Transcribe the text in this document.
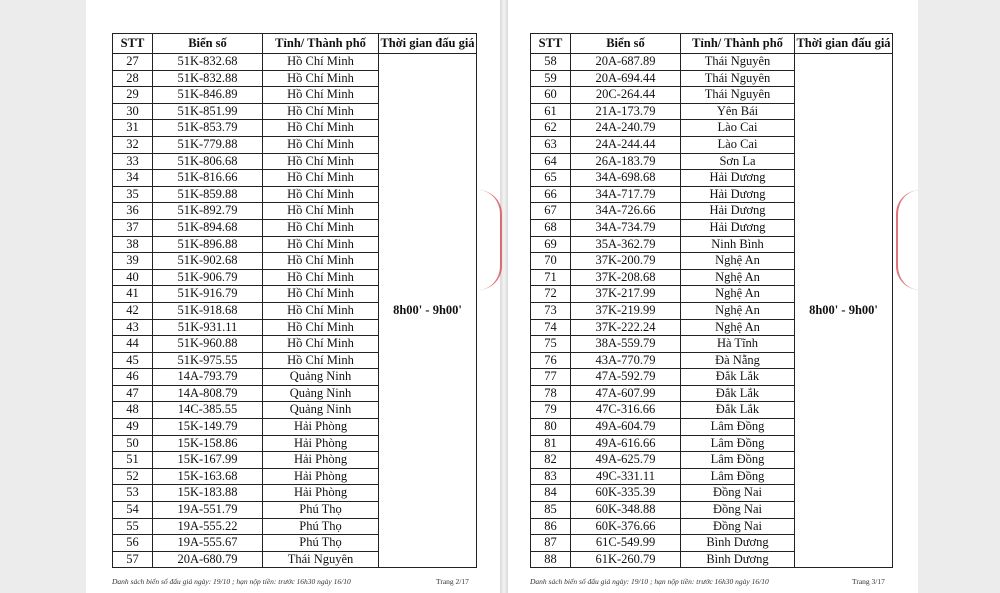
STT	Biển số	Tỉnh/ Thành phố	Thời gian đấu giá
27	51K-832.68	Hồ Chí Minh	8h00' - 9h00'
28	51K-832.88	Hồ Chí Minh	
29	51K-846.89	Hồ Chí Minh	
30	51K-851.99	Hồ Chí Minh	
31	51K-853.79	Hồ Chí Minh	
32	51K-779.88	Hồ Chí Minh	
33	51K-806.68	Hồ Chí Minh	
34	51K-816.66	Hồ Chí Minh	
35	51K-859.88	Hồ Chí Minh	
36	51K-892.79	Hồ Chí Minh	
37	51K-894.68	Hồ Chí Minh	
38	51K-896.88	Hồ Chí Minh	
39	51K-902.68	Hồ Chí Minh	
40	51K-906.79	Hồ Chí Minh	
41	51K-916.79	Hồ Chí Minh	
42	51K-918.68	Hồ Chí Minh	
43	51K-931.11	Hồ Chí Minh	
44	51K-960.88	Hồ Chí Minh	
45	51K-975.55	Hồ Chí Minh	
46	14A-793.79	Quảng Ninh	
47	14A-808.79	Quảng Ninh	
48	14C-385.55	Quảng Ninh	
49	15K-149.79	Hải Phòng	
50	15K-158.86	Hải Phòng	
51	15K-167.99	Hải Phòng	
52	15K-163.68	Hải Phòng	
53	15K-183.88	Hải Phòng	
54	19A-551.79	Phú Thọ	
55	19A-555.22	Phú Thọ	
56	19A-555.67	Phú Thọ	
57	20A-680.79	Thái Nguyên	
Danh sách biển số đấu giá ngày: 19/10 ; hạn nộp tiền: trước 16h30 ngày 16/10	Trang 2/17
STT	Biển số	Tỉnh/ Thành phố	Thời gian đấu giá
58	20A-687.89	Thái Nguyên	8h00' - 9h00'
59	20A-694.44	Thái Nguyên	
60	20C-264.44	Thái Nguyên	
61	21A-173.79	Yên Bái	
62	24A-240.79	Lào Cai	
63	24A-244.44	Lào Cai	
64	26A-183.79	Sơn La	
65	34A-698.68	Hải Dương	
66	34A-717.79	Hải Dương	
67	34A-726.66	Hải Dương	
68	34A-734.79	Hải Dương	
69	35A-362.79	Ninh Bình	
70	37K-200.79	Nghệ An	
71	37K-208.68	Nghệ An	
72	37K-217.99	Nghệ An	
73	37K-219.99	Nghệ An	
74	37K-222.24	Nghệ An	
75	38A-559.79	Hà Tĩnh	
76	43A-770.79	Đà Nẵng	
77	47A-592.79	Đắk Lắk	
78	47A-607.99	Đắk Lắk	
79	47C-316.66	Đắk Lắk	
80	49A-604.79	Lâm Đồng	
81	49A-616.66	Lâm Đồng	
82	49A-625.79	Lâm Đồng	
83	49C-331.11	Lâm Đồng	
84	60K-335.39	Đồng Nai	
85	60K-348.88	Đồng Nai	
86	60K-376.66	Đồng Nai	
87	61C-549.99	Bình Dương	
88	61K-260.79	Bình Dương	
Danh sách biển số đấu giá ngày: 19/10 ; hạn nộp tiền: trước 16h30 ngày 16/10	Trang 3/17
